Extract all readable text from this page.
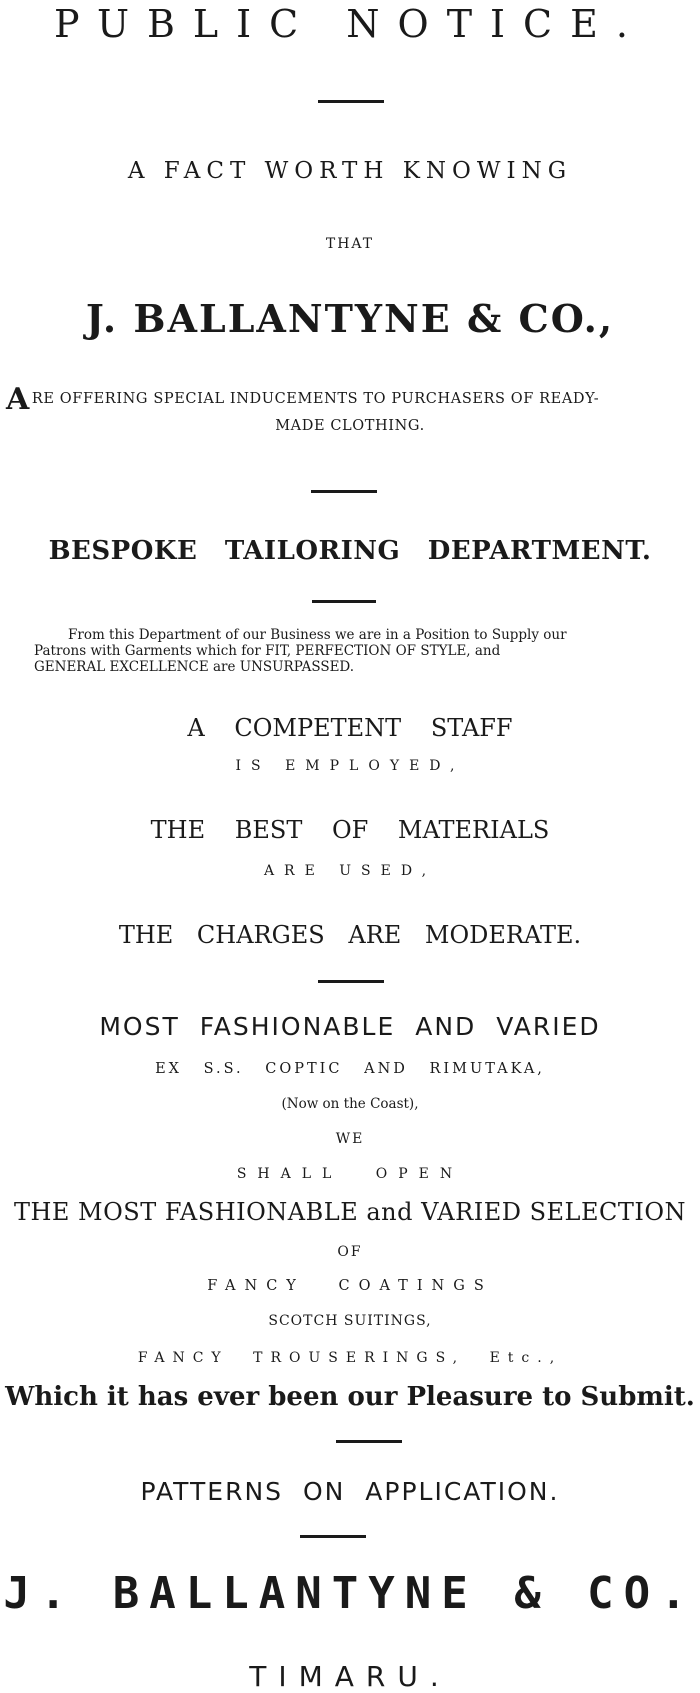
PUBLIC NOTICE.
A FACT WORTH KNOWING
THAT
J. BALLANTYNE & CO.,
ARE OFFERING SPECIAL INDUCEMENTS TO PURCHASERS OF READY-
MADE CLOTHING.
BESPOKE TAILORING DEPARTMENT.
From this Department of our Business we are in a Position to Supply our
Patrons with Garments which for FIT, PERFECTION OF STYLE, and
GENERAL EXCELLENCE are UNSURPASSED.
A COMPETENT STAFF
IS EMPLOYED,
THE BEST OF MATERIALS
ARE USED,
THE CHARGES ARE MODERATE.
MOST FASHIONABLE AND VARIED
EX S.S. COPTIC AND RIMUTAKA,
(Now on the Coast),
WE
SHALL OPEN
THE MOST FASHIONABLE and VARIED SELECTION
OF
FANCY COATINGS
SCOTCH SUITINGS,
FANCY TROUSERINGS, Etc.,
Which it has ever been our Pleasure to Submit.
PATTERNS ON APPLICATION.
J. BALLANTYNE & CO.
TIMARU.
